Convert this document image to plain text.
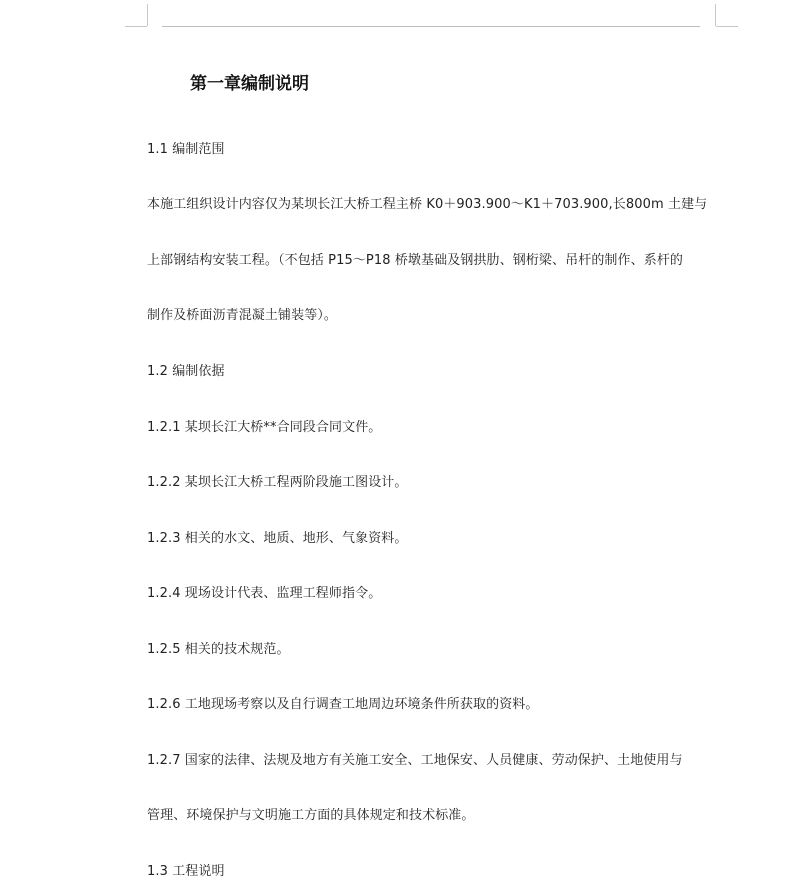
第一章编制说明
1.1 编制范围
本施工组织设计内容仅为某坝长江大桥工程主桥 K0＋903.900～K1＋703.900,长800m 土建与
上部钢结构安装工程。（不包括 P15～P18 桥墩基础及钢拱肋、钢桁梁、吊杆的制作、系杆的
制作及桥面沥青混凝土铺装等）。
1.2 编制依据
1.2.1 某坝长江大桥**合同段合同文件。
1.2.2 某坝长江大桥工程两阶段施工图设计。
1.2.3 相关的水文、地质、地形、气象资料。
1.2.4 现场设计代表、监理工程师指令。
1.2.5 相关的技术规范。
1.2.6 工地现场考察以及自行调查工地周边环境条件所获取的资料。
1.2.7 国家的法律、法规及地方有关施工安全、工地保安、人员健康、劳动保护、土地使用与
管理、环境保护与文明施工方面的具体规定和技术标准。
1.3 工程说明
